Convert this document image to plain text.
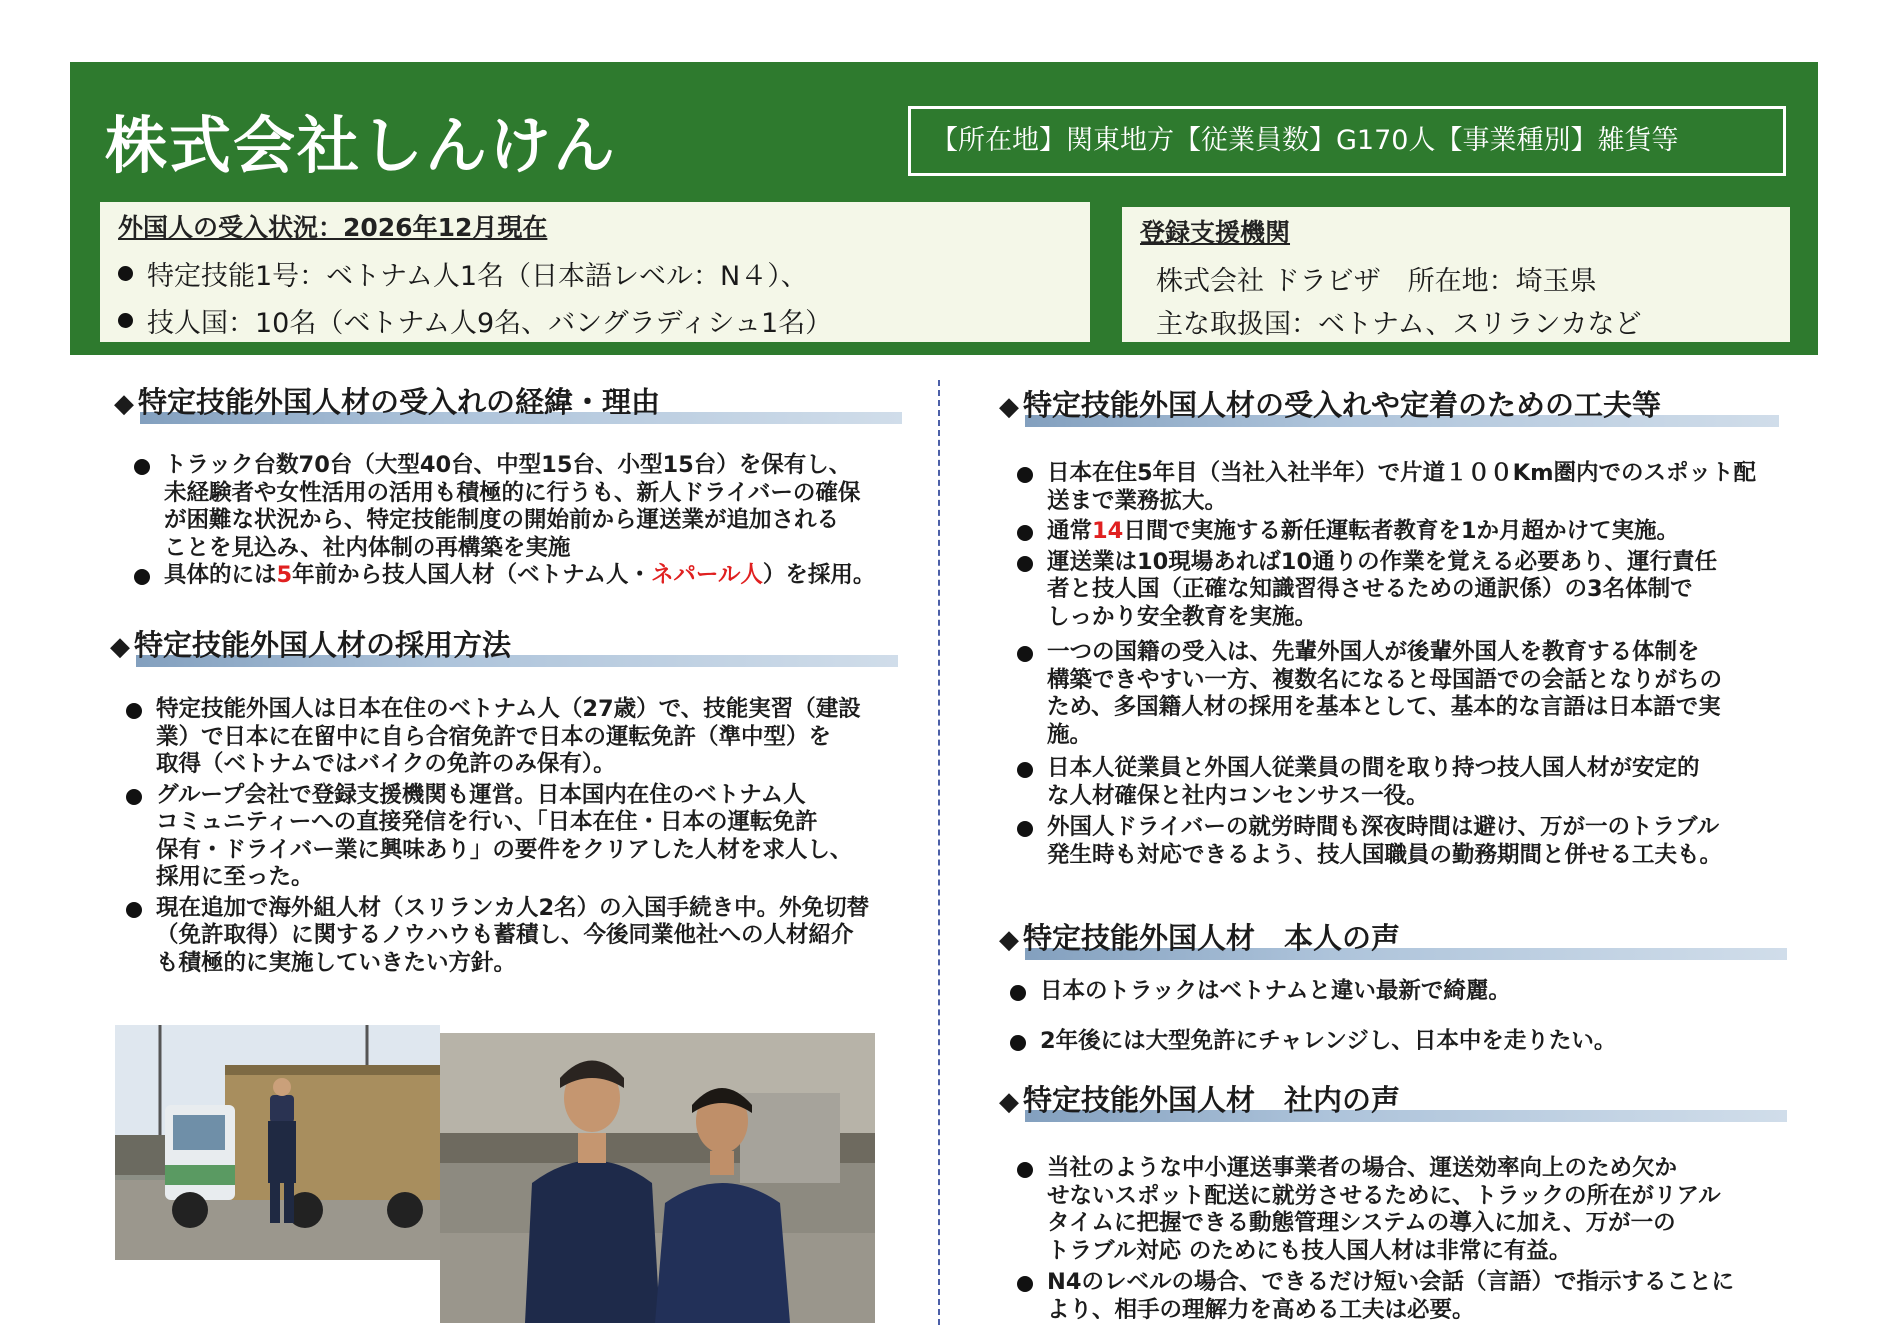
株式会社しんけん	【所在地】関東地方【従業員数】G170人【事業種別】雑貨等
外国人の受入状況：2026年12月現在
特定技能1号：ベトナム人1名（日本語レベル：N４）、
技人国：10名（ベトナム人9名、バングラディシュ1名）
登録支援機関
株式会社 ドラビザ　所在地：埼玉県
主な取扱国：ベトナム、スリランカなど
◆ 特定技能外国人材の受入れの経緯・理由
トラック台数70台（大型40台、中型15台、小型15台）を保有し、
未経験者や女性活用の活用も積極的に行うも、新人ドライバーの確保
が困難な状況から、特定技能制度の開始前から運送業が追加される
ことを見込み、社内体制の再構築を実施
具体的には5年前から技人国人材（ベトナム人・ネパール人）を採用。
◆ 特定技能外国人材の採用方法
特定技能外国人は日本在住のベトナム人（27歳）で、技能実習（建設
業）で日本に在留中に自ら合宿免許で日本の運転免許（準中型）を
取得（ベトナムではバイクの免許のみ保有）。
グループ会社で登録支援機関も運営。日本国内在住のベトナム人
コミュニティーへの直接発信を行い、「日本在住・日本の運転免許
保有・ドライバー業に興味あり」の要件をクリアした人材を求人し、
採用に至った。
現在追加で海外組人材（スリランカ人2名）の入国手続き中。外免切替
（免許取得）に関するノウハウも蓄積し、今後同業他社への人材紹介
も積極的に実施していきたい方針。
◆ 特定技能外国人材の受入れや定着のための工夫等
日本在住5年目（当社入社半年）で片道１００Km圏内でのスポット配
送まで業務拡大。
通常14日間で実施する新任運転者教育を1か月超かけて実施。
運送業は10現場あれば10通りの作業を覚える必要あり、運行責任
者と技人国（正確な知識習得させるための通訳係）の3名体制で
しっかり安全教育を実施。
一つの国籍の受入は、先輩外国人が後輩外国人を教育する体制を
構築できやすい一方、複数名になると母国語での会話となりがちの
ため、多国籍人材の採用を基本として、基本的な言語は日本語で実
施。
日本人従業員と外国人従業員の間を取り持つ技人国人材が安定的
な人材確保と社内コンセンサス一役。
外国人ドライバーの就労時間も深夜時間は避け、万が一のトラブル
発生時も対応できるよう、技人国職員の勤務期間と併せる工夫も。
◆ 特定技能外国人材　本人の声
日本のトラックはベトナムと違い最新で綺麗。
2年後には大型免許にチャレンジし、日本中を走りたい。
◆ 特定技能外国人材　社内の声
当社のような中小運送事業者の場合、運送効率向上のため欠か
せないスポット配送に就労させるために、トラックの所在がリアル
タイムに把握できる動態管理システムの導入に加え、万が一の
トラブル対応 のためにも技人国人材は非常に有益。
N4のレベルの場合、できるだけ短い会話（言語）で指示することに
より、相手の理解力を高める工夫は必要。
